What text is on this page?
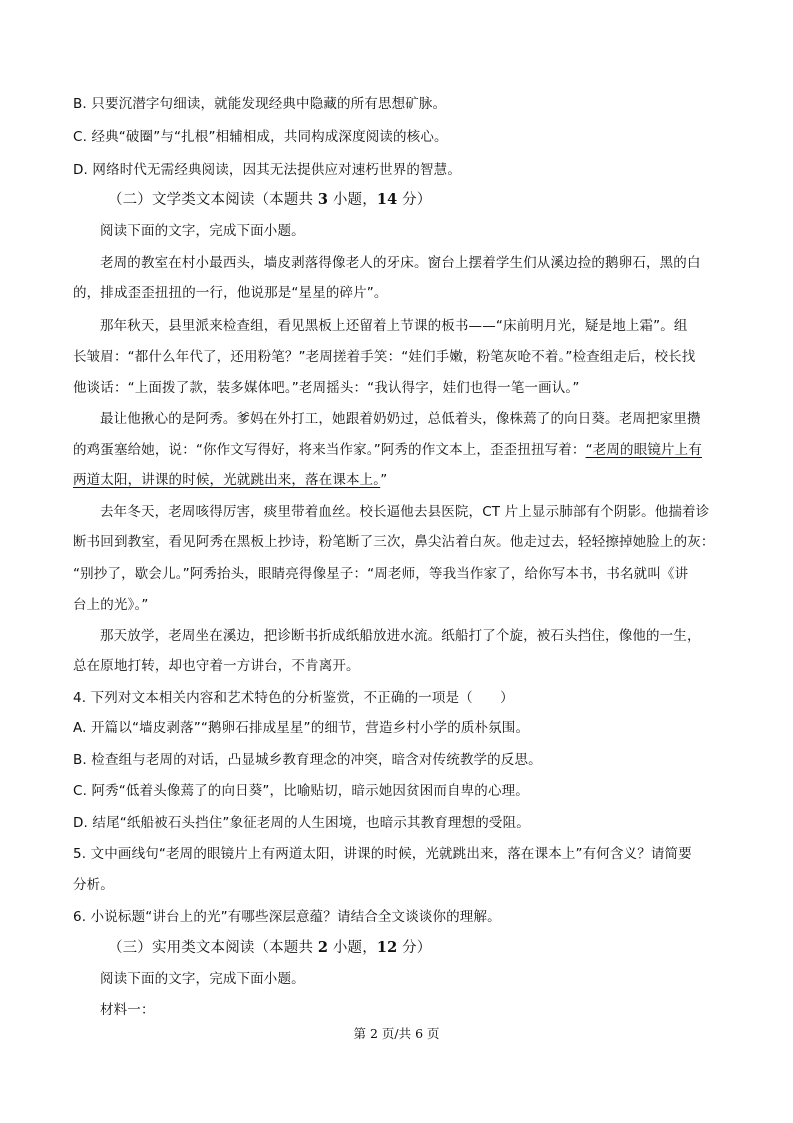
B. 只要沉潜字句细读，就能发现经典中隐藏的所有思想矿脉。
C. 经典“破圈”与“扎根”相辅相成，共同构成深度阅读的核心。
D. 网络时代无需经典阅读，因其无法提供应对速朽世界的智慧。
（二）文学类文本阅读（本题共 3 小题，14 分）
阅读下面的文字，完成下面小题。
老周的教室在村小最西头，墙皮剥落得像老人的牙床。窗台上摆着学生们从溪边捡的鹅卵石，黑的白
的，排成歪歪扭扭的一行，他说那是“星星的碎片”。
那年秋天，县里派来检查组，看见黑板上还留着上节课的板书——“床前明月光，疑是地上霜”。组
长皱眉：“都什么年代了，还用粉笔？”老周搓着手笑：“娃们手嫩，粉笔灰呛不着。”检查组走后，校长找
他谈话：“上面拨了款，装多媒体吧。”老周摇头：“我认得字，娃们也得一笔一画认。”
最让他揪心的是阿秀。爹妈在外打工，她跟着奶奶过，总低着头，像株蔫了的向日葵。老周把家里攒
的鸡蛋塞给她，说：“你作文写得好，将来当作家。”阿秀的作文本上，歪歪扭扭写着：“老周的眼镜片上有
两道太阳，讲课的时候，光就跳出来，落在课本上。”
去年冬天，老周咳得厉害，痰里带着血丝。校长逼他去县医院，CT 片上显示肺部有个阴影。他揣着诊
断书回到教室，看见阿秀在黑板上抄诗，粉笔断了三次，鼻尖沾着白灰。他走过去，轻轻擦掉她脸上的灰：
“别抄了，歇会儿。”阿秀抬头，眼睛亮得像星子：“周老师，等我当作家了，给你写本书，书名就叫《讲
台上的光》。”
那天放学，老周坐在溪边，把诊断书折成纸船放进水流。纸船打了个旋，被石头挡住，像他的一生，
总在原地打转，却也守着一方讲台，不肯离开。
4. 下列对文本相关内容和艺术特色的分析鉴赏，不正确的一项是（　　）
A. 开篇以“墙皮剥落”“鹅卵石排成星星”的细节，营造乡村小学的质朴氛围。
B. 检查组与老周的对话，凸显城乡教育理念的冲突，暗含对传统教学的反思。
C. 阿秀“低着头像蔫了的向日葵”，比喻贴切，暗示她因贫困而自卑的心理。
D. 结尾“纸船被石头挡住”象征老周的人生困境，也暗示其教育理想的受阻。
5. 文中画线句“老周的眼镜片上有两道太阳，讲课的时候，光就跳出来，落在课本上”有何含义？请简要
分析。
6. 小说标题“讲台上的光”有哪些深层意蕴？请结合全文谈谈你的理解。
（三）实用类文本阅读（本题共 2 小题，12 分）
阅读下面的文字，完成下面小题。
材料一：
第 2 页/共 6 页
